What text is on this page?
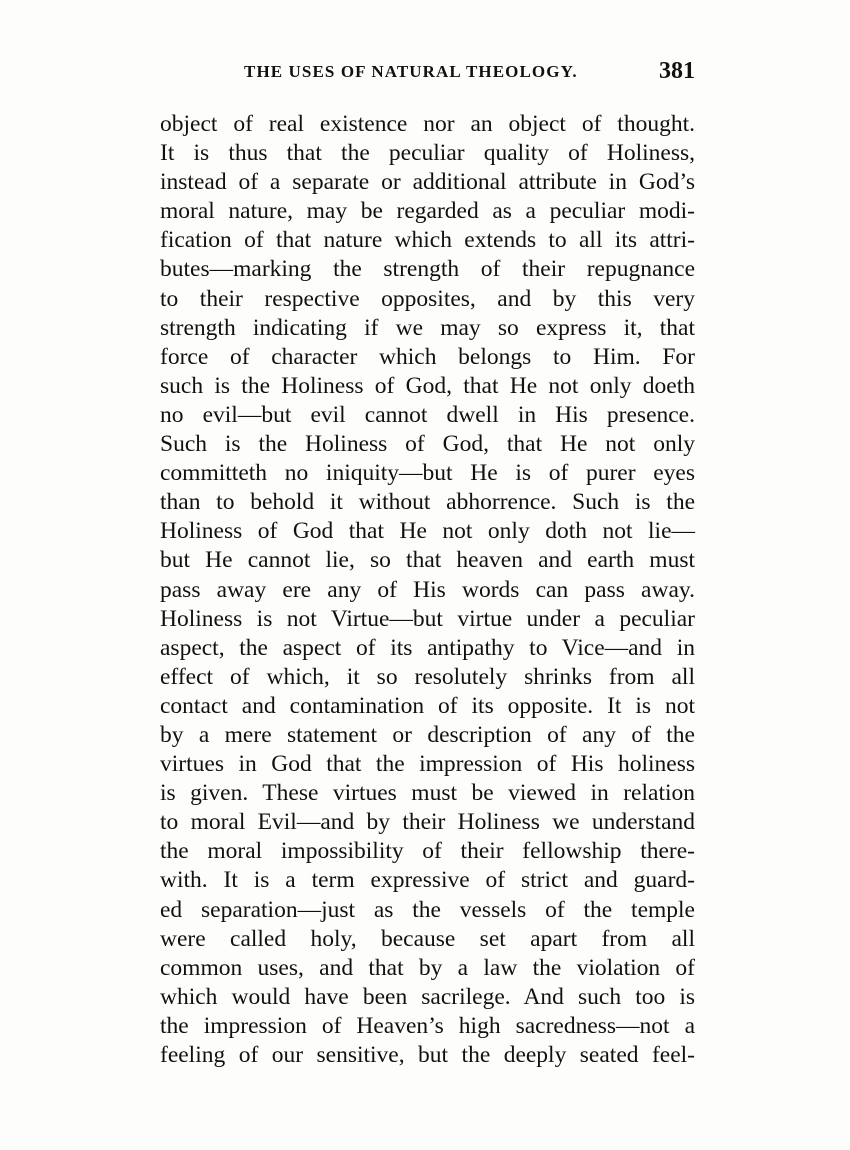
THE USES OF NATURAL THEOLOGY.	381
object of real existence nor an object of thought.
It is thus that the peculiar quality of Holiness,
instead of a separate or additional attribute in God’s
moral nature, may be regarded as a peculiar modi-
fication of that nature which extends to all its attri-
butes—marking the strength of their repugnance
to their respective opposites, and by this very
strength indicating if we may so express it, that
force of character which belongs to Him. For
such is the Holiness of God, that He not only doeth
no evil—but evil cannot dwell in His presence.
Such is the Holiness of God, that He not only
committeth no iniquity—but He is of purer eyes
than to behold it without abhorrence. Such is the
Holiness of God that He not only doth not lie—
but He cannot lie, so that heaven and earth must
pass away ere any of His words can pass away.
Holiness is not Virtue—but virtue under a peculiar
aspect, the aspect of its antipathy to Vice—and in
effect of which, it so resolutely shrinks from all
contact and contamination of its opposite. It is not
by a mere statement or description of any of the
virtues in God that the impression of His holiness
is given. These virtues must be viewed in relation
to moral Evil—and by their Holiness we understand
the moral impossibility of their fellowship there-
with. It is a term expressive of strict and guard-
ed separation—just as the vessels of the temple
were called holy, because set apart from all
common uses, and that by a law the violation of
which would have been sacrilege. And such too is
the impression of Heaven’s high sacredness—not a
feeling of our sensitive, but the deeply seated feel-
